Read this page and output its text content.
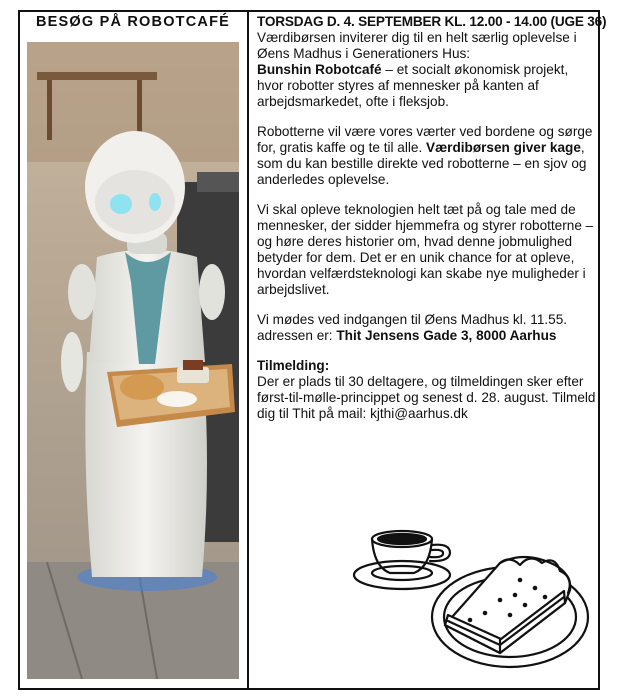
BESØG PÅ ROBOTCAFÉ	TORSDAG D. 4. SEPTEMBER KL. 12.00 - 14.00 (UGE 36)

Værdibørsen inviterer dig til en helt særlig oplevelse i Øens Madhus i Generationers Hus:
Bunshin Robotcafé – et socialt økonomisk projekt, hvor robotter styres af mennesker på kanten af arbejdsmarkedet, ofte i fleksjob.

Robotterne vil være vores værter ved bordene og sørge for, gratis kaffe og te til alle. Værdibørsen giver kage, som du kan bestille direkte ved robotterne – en sjov og anderledes oplevelse.

Vi skal opleve teknologien helt tæt på og tale med de mennesker, der sidder hjemmefra og styrer robotterne – og høre deres historier om, hvad denne jobmulighed betyder for dem. Det er en unik chance for at opleve, hvordan velfærdsteknologi kan skabe nye muligheder i arbejdslivet.

Vi mødes ved indgangen til Øens Madhus kl. 11.55.
adressen er: Thit Jensens Gade 3, 8000 Aarhus

Tilmelding:
Der er plads til 30 deltagere, og tilmeldingen sker efter først-til-mølle-princippet og senest d. 28. august. Tilmeld dig til Thit på mail: kjthi@aarhus.dk
